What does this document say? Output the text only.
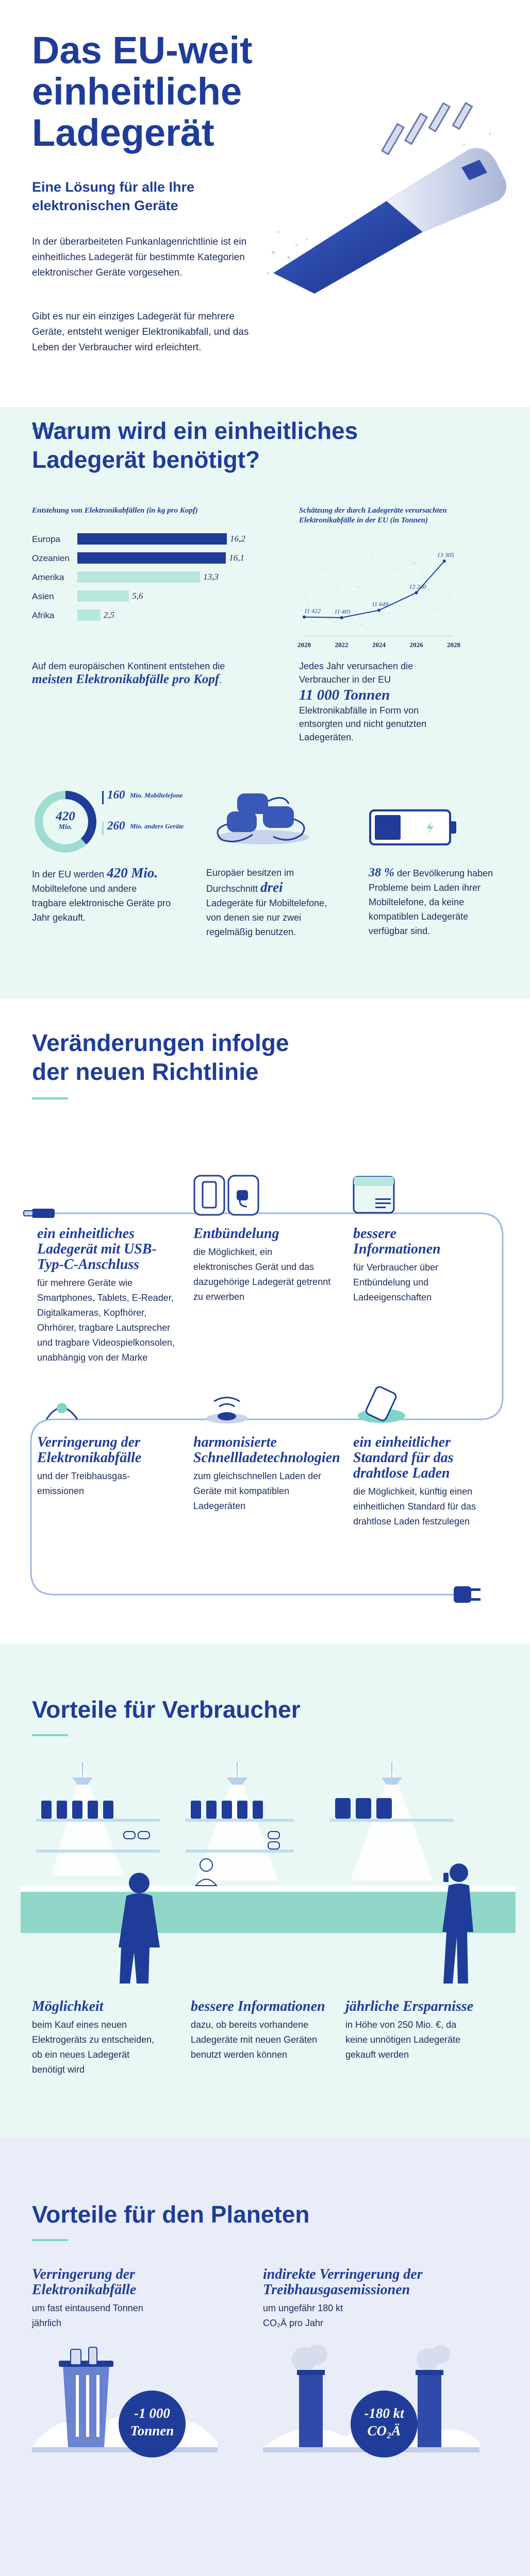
Das EU-weit
einheitliche
Ladegerät
Eine Lösung für alle Ihre elektronischen Geräte
In der überarbeiteten Funkanlagenrichtlinie ist ein einheitliches Ladegerät für bestimmte Kategorien elektronischer Geräte vorgesehen.
Gibt es nur ein einziges Ladegerät für mehrere Geräte, entsteht weniger Elektronikabfall, und das Leben der Verbraucher wird erleichtert.
Warum wird ein einheitliches
Ladegerät benötigt?
Entstehung von Elektronikabfällen (in kg pro Kopf)
Europa	16,2
Ozeanien	16,1
Amerika	13,3
Asien	5,6
Afrika	2,5
Auf dem europäischen Kontinent entstehen die meisten Elektronikabfälle pro Kopf.
Schätzung der durch Ladegeräte verursachten Elektronikabfälle in der EU (in Tonnen)
11 422 11 401
11 649
12 240
13 305
2020	2022	2024	2026	2028
Jedes Jahr verursachen die Verbraucher in der EU
11 000 Tonnen
Elektronikabfälle in Form von entsorgten und nicht genutzten Ladegeräten.
420
Mio.
160 Mio. Mobiltelefone
260 Mio. andere Geräte
In der EU werden 420 Mio. Mobiltelefone und andere tragbare elektronische Geräte pro Jahr gekauft.
Europäer besitzen im Durchschnitt drei Ladegeräte für Mobiltelefone, von denen sie nur zwei regelmäßig benutzen.
38 % der Bevölkerung haben Probleme beim Laden ihrer Mobiltelefone, da keine kompatiblen Ladegeräte verfügbar sind.
Veränderungen infolge
der neuen Richtlinie
ein einheitliches Ladegerät mit USB-Typ-C-Anschluss
für mehrere Geräte wie Smartphones, Tablets, E-Reader, Digitalkameras, Kopfhörer, Ohrhörer, tragbare Lautsprecher und tragbare Videospielkonsolen, unabhängig von der Marke
Entbündelung
die Möglichkeit, ein elektronisches Gerät und das dazugehörige Ladegerät getrennt zu erwerben
bessere Informationen
für Verbraucher über Entbündelung und Ladeeigenschaften
Verringerung der Elektronikabfälle
und der Treibhausgas-emissionen
harmonisierte Schnellladetechnologien
zum gleichschnellen Laden der Geräte mit kompatiblen Ladegeräten
ein einheitlicher Standard für das drahtlose Laden
die Möglichkeit, künftig einen einheitlichen Standard für das drahtlose Laden festzulegen
Vorteile für Verbraucher
Möglichkeit
beim Kauf eines neuen Elektrogeräts zu entscheiden, ob ein neues Ladegerät benötigt wird
bessere Informationen
dazu, ob bereits vorhandene Ladegeräte mit neuen Geräten benutzt werden können
jährliche Ersparnisse
in Höhe von 250 Mio. €, da keine unnötigen Ladegeräte gekauft werden
Vorteile für den Planeten
Verringerung der Elektronikabfälle
um fast eintausend Tonnen jährlich
indirekte Verringerung der Treibhausgasemissionen
um ungefähr 180 kt CO₂Ä pro Jahr
-1 000
Tonnen
-180 kt
CO₂Ä
